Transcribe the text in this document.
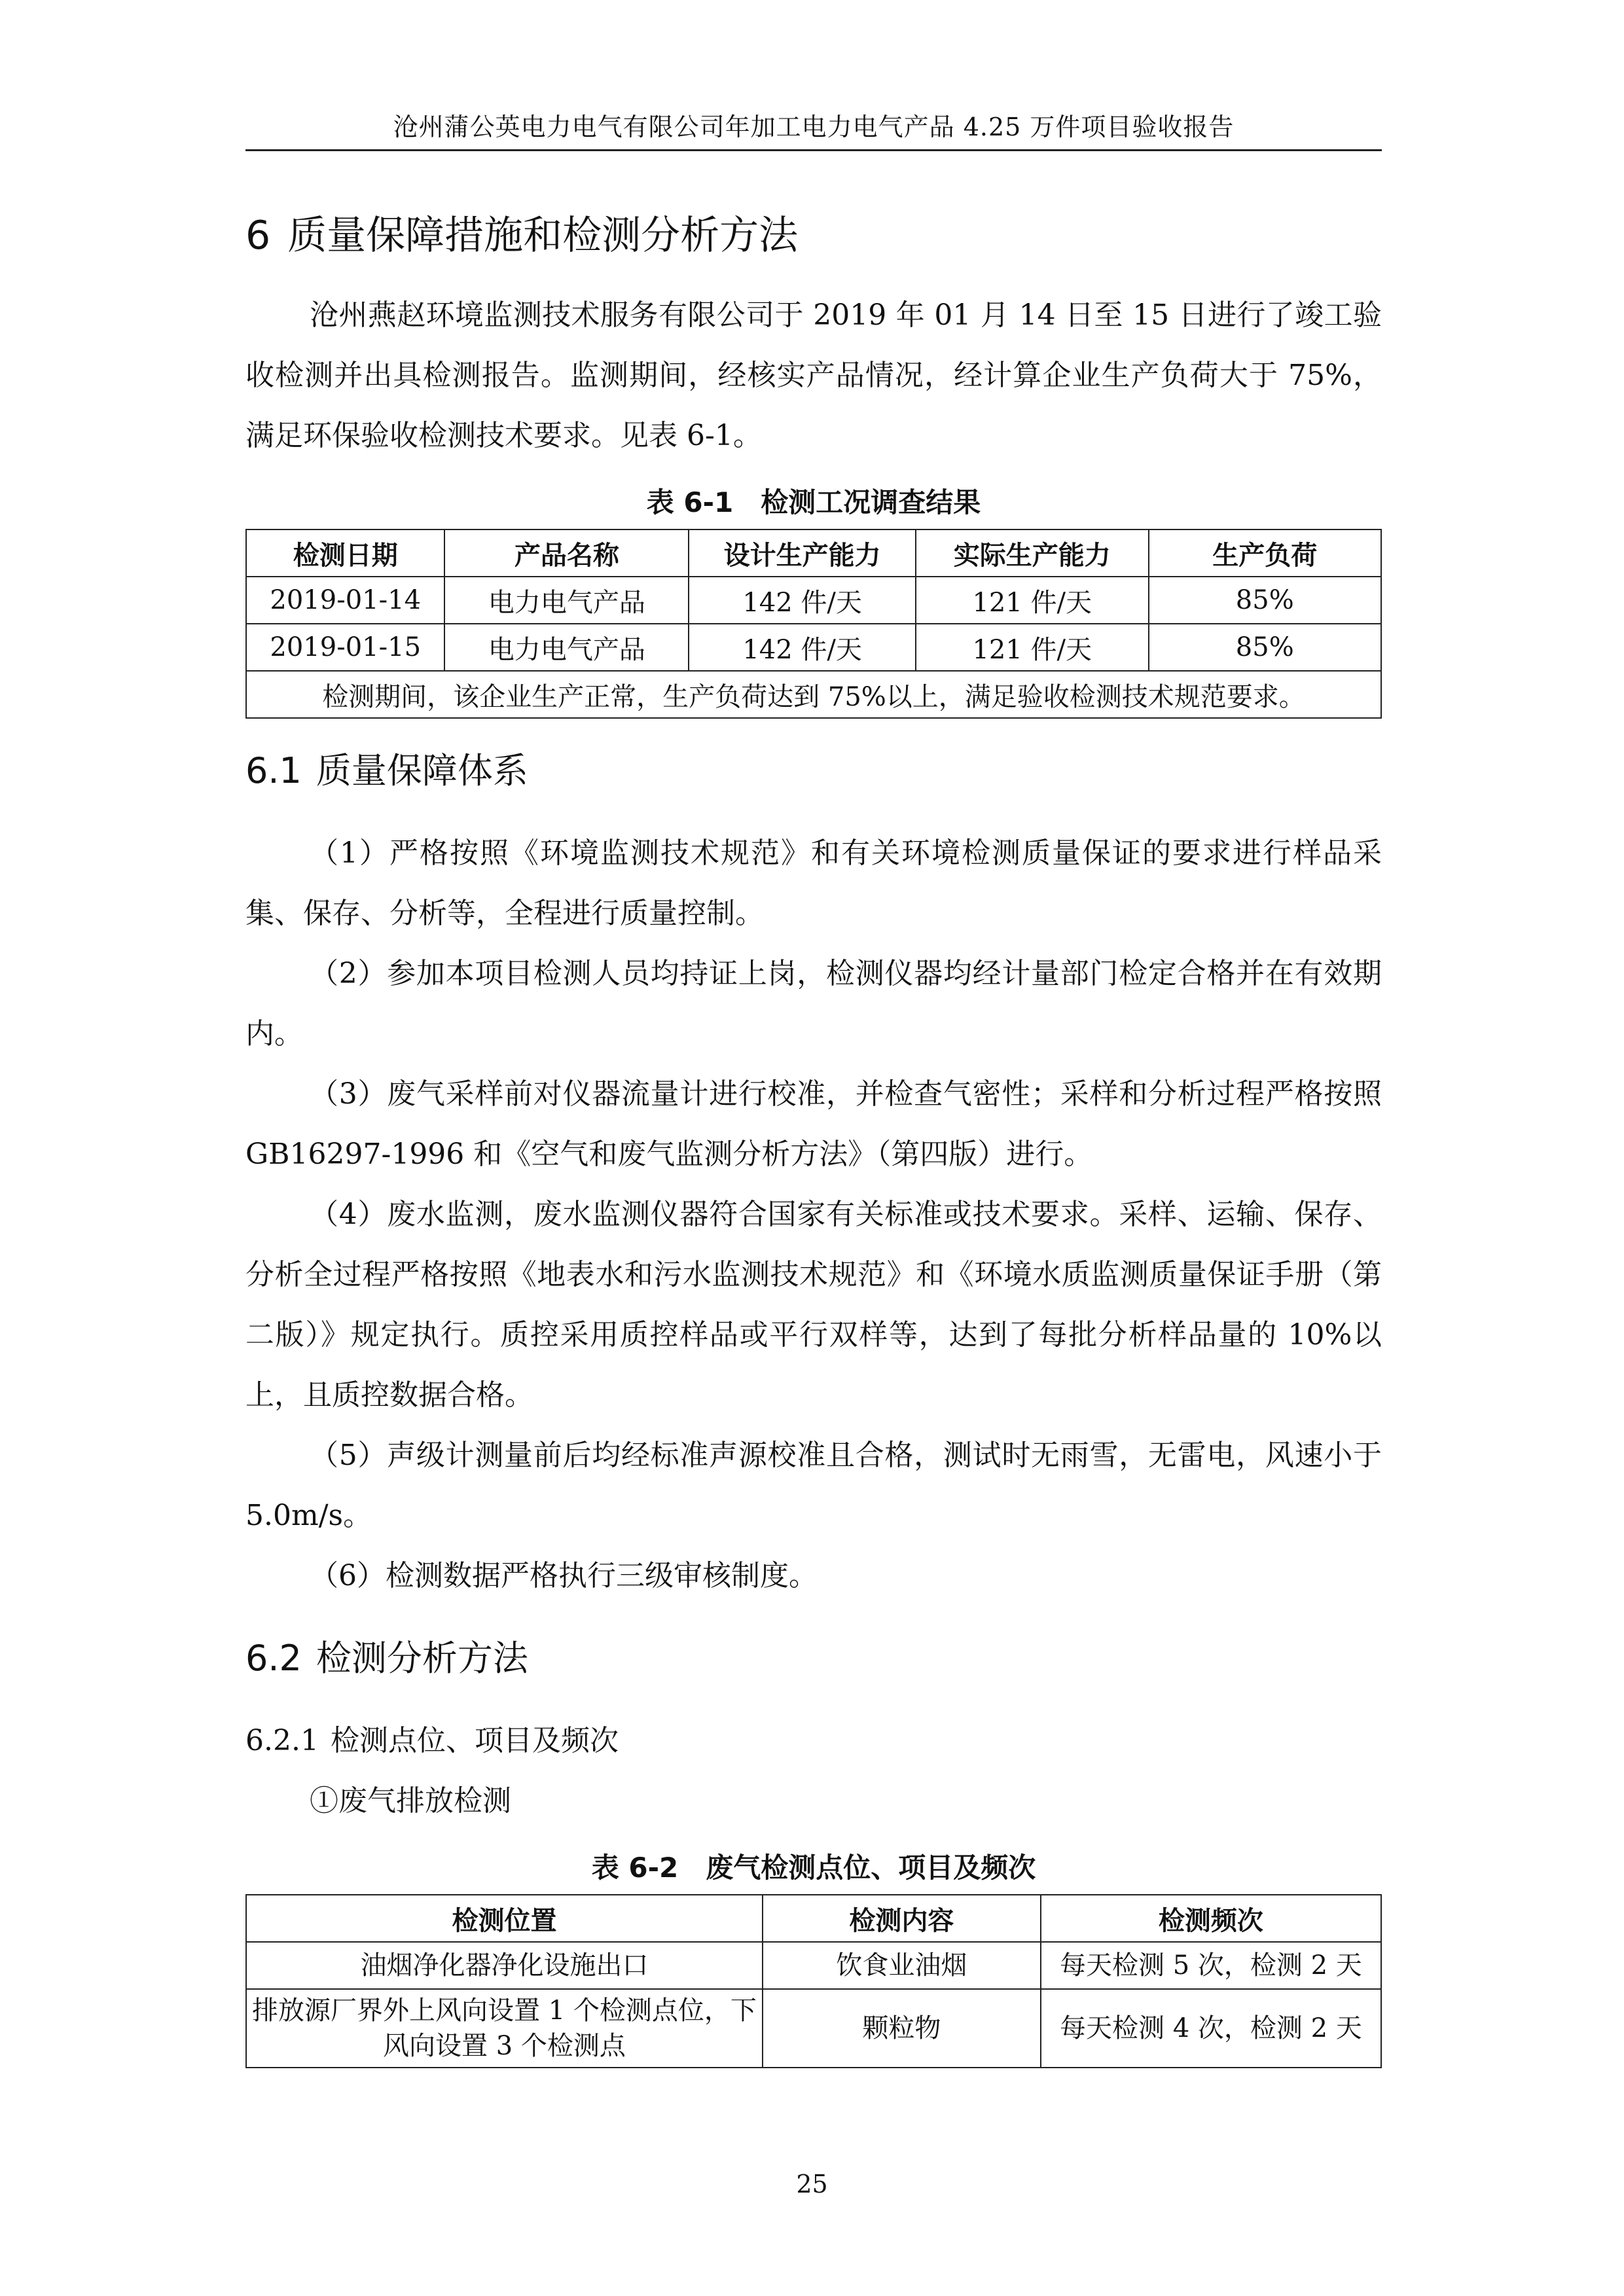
沧州蒲公英电力电气有限公司年加工电力电气产品 4.25 万件项目验收报告
6 质量保障措施和检测分析方法

沧州燕赵环境监测技术服务有限公司于 2019 年 01 月 14 日至 15 日进行了竣工验收检测并出具检测报告。监测期间，经核实产品情况，经计算企业生产负荷大于 75%，满足环保验收检测技术要求。见表 6-1。

表 6-1 检测工况调查结果
检测日期	产品名称	设计生产能力	实际生产能力	生产负荷
2019-01-14	电力电气产品	142 件/天	121 件/天	85%
2019-01-15	电力电气产品	142 件/天	121 件/天	85%
检测期间，该企业生产正常，生产负荷达到 75%以上，满足验收检测技术规范要求。				
6.1 质量保障体系

（1）严格按照《环境监测技术规范》和有关环境检测质量保证的要求进行样品采集、保存、分析等，全程进行质量控制。

（2）参加本项目检测人员均持证上岗，检测仪器均经计量部门检定合格并在有效期内。

（3）废气采样前对仪器流量计进行校准，并检查气密性；采样和分析过程严格按照 GB16297-1996 和《空气和废气监测分析方法》（第四版）进行。

（4）废水监测，废水监测仪器符合国家有关标准或技术要求。采样、运输、保存、分析全过程严格按照《地表水和污水监测技术规范》和《环境水质监测质量保证手册（第二版）》规定执行。质控采用质控样品或平行双样等，达到了每批分析样品量的 10%以上，且质控数据合格。

（5）声级计测量前后均经标准声源校准且合格，测试时无雨雪，无雷电，风速小于 5.0m/s。

（6）检测数据严格执行三级审核制度。

6.2 检测分析方法

6.2.1 检测点位、项目及频次

①废气排放检测

表 6-2 废气检测点位、项目及频次
检测位置	检测内容	检测频次
油烟净化器净化设施出口	饮食业油烟	每天检测 5 次，检测 2 天
排放源厂界外上风向设置 1 个检测点位，下风向设置 3 个检测点	颗粒物	每天检测 4 次，检测 2 天
25
